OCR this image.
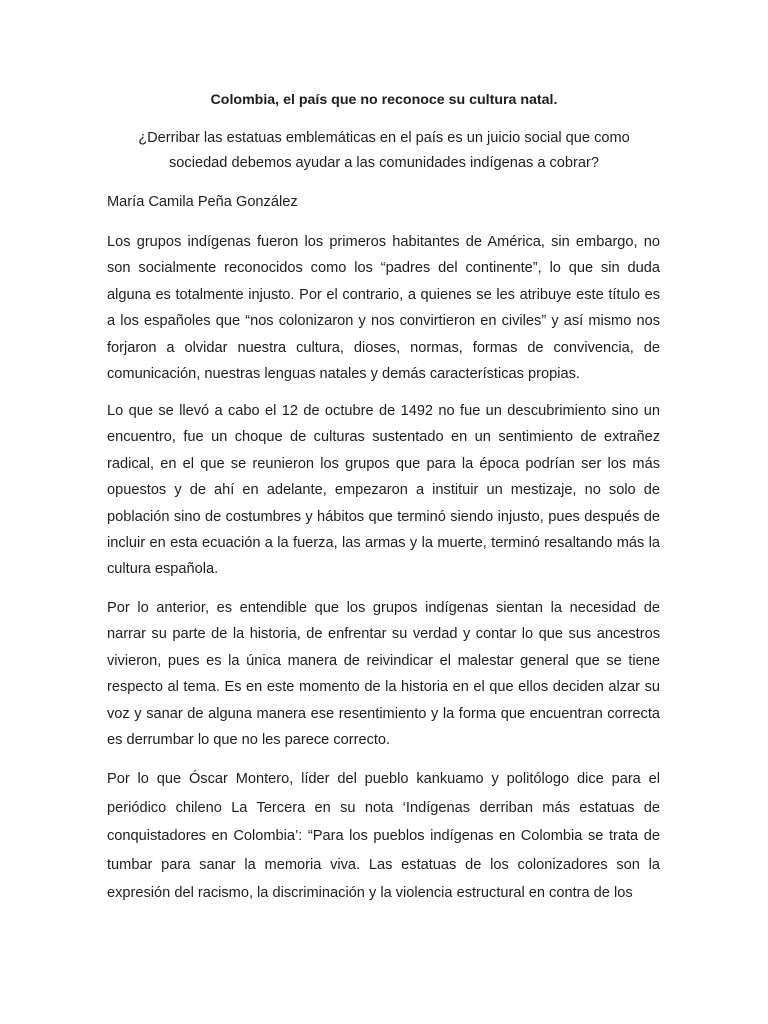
Colombia, el país que no reconoce su cultura natal.

¿Derribar las estatuas emblemáticas en el país es un juicio social que como sociedad debemos ayudar a las comunidades indígenas a cobrar?

María Camila Peña González

Los grupos indígenas fueron los primeros habitantes de América, sin embargo, no son socialmente reconocidos como los “padres del continente”, lo que sin duda alguna es totalmente injusto. Por el contrario, a quienes se les atribuye este título es a los españoles que “nos colonizaron y nos convirtieron en civiles” y así mismo nos forjaron a olvidar nuestra cultura, dioses, normas, formas de convivencia, de comunicación, nuestras lenguas natales y demás características propias.

Lo que se llevó a cabo el 12 de octubre de 1492 no fue un descubrimiento sino un encuentro, fue un choque de culturas sustentado en un sentimiento de extrañez radical, en el que se reunieron los grupos que para la época podrían ser los más opuestos y de ahí en adelante, empezaron a instituir un mestizaje, no solo de población sino de costumbres y hábitos que terminó siendo injusto, pues después de incluir en esta ecuación a la fuerza, las armas y la muerte, terminó resaltando más la cultura española.

Por lo anterior, es entendible que los grupos indígenas sientan la necesidad de narrar su parte de la historia, de enfrentar su verdad y contar lo que sus ancestros vivieron, pues es la única manera de reivindicar el malestar general que se tiene respecto al tema. Es en este momento de la historia en el que ellos deciden alzar su voz y sanar de alguna manera ese resentimiento y la forma que encuentran correcta es derrumbar lo que no les parece correcto.

Por lo que Óscar Montero, líder del pueblo kankuamo y politólogo dice para el periódico chileno La Tercera en su nota ‘Indígenas derriban más estatuas de conquistadores en Colombia’: “Para los pueblos indígenas en Colombia se trata de tumbar para sanar la memoria viva. Las estatuas de los colonizadores son la expresión del racismo, la discriminación y la violencia estructural en contra de los
